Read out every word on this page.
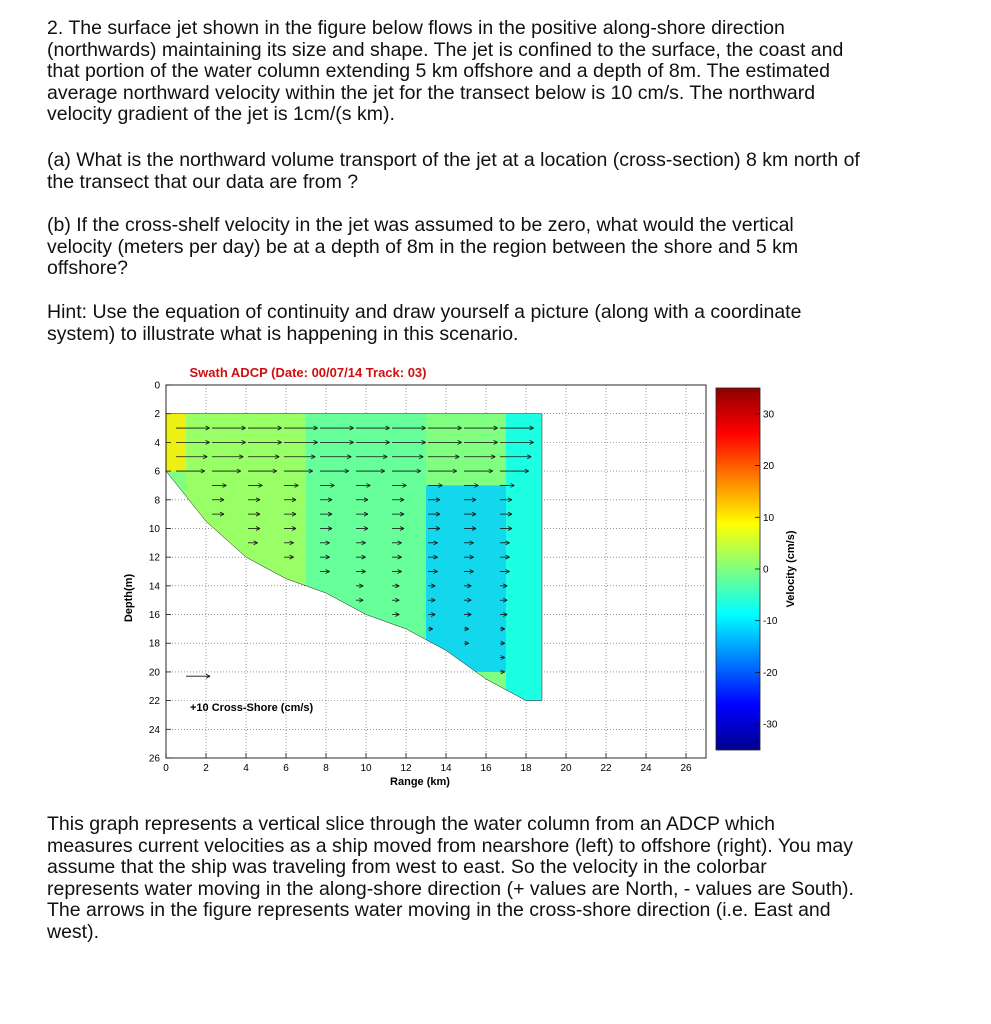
2. The surface jet shown in the figure below flows in the positive along-shore direction
(northwards) maintaining its size and shape. The jet is confined to the surface, the coast and
that portion of the water column extending 5 km offshore and a depth of 8m. The estimated
average northward velocity within the jet for the transect below is 10 cm/s. The northward
velocity gradient of the jet is 1cm/(s km).

(a) What is the northward volume transport of the jet at a location (cross-section) 8 km north of
the transect that our data are from ?

(b) If the cross-shelf velocity in the jet was assumed to be zero, what would the vertical
velocity (meters per day) be at a depth of 8m in the region between the shore and 5 km
offshore?

Hint: Use the equation of continuity and draw yourself a picture (along with a coordinate
system) to illustrate what is happening in this scenario.

Swath ADCP (Date: 00/07/14 Track: 03)
0
2
4
6
8
10
12
14
16
18
20
22
24
26
0	2	4	6	8	10	12	14	16	18	20	22	24	26
Range (km)
Depth(m)
+10 Cross-Shore (cm/s)
30
20
10
0
-10
-20
-30
Velocity (cm/s)

This graph represents a vertical slice through the water column from an ADCP which
measures current velocities as a ship moved from nearshore (left) to offshore (right). You may
assume that the ship was traveling from west to east. So the velocity in the colorbar
represents water moving in the along-shore direction (+ values are North, - values are South).
The arrows in the figure represents water moving in the cross-shore direction (i.e. East and
west).
